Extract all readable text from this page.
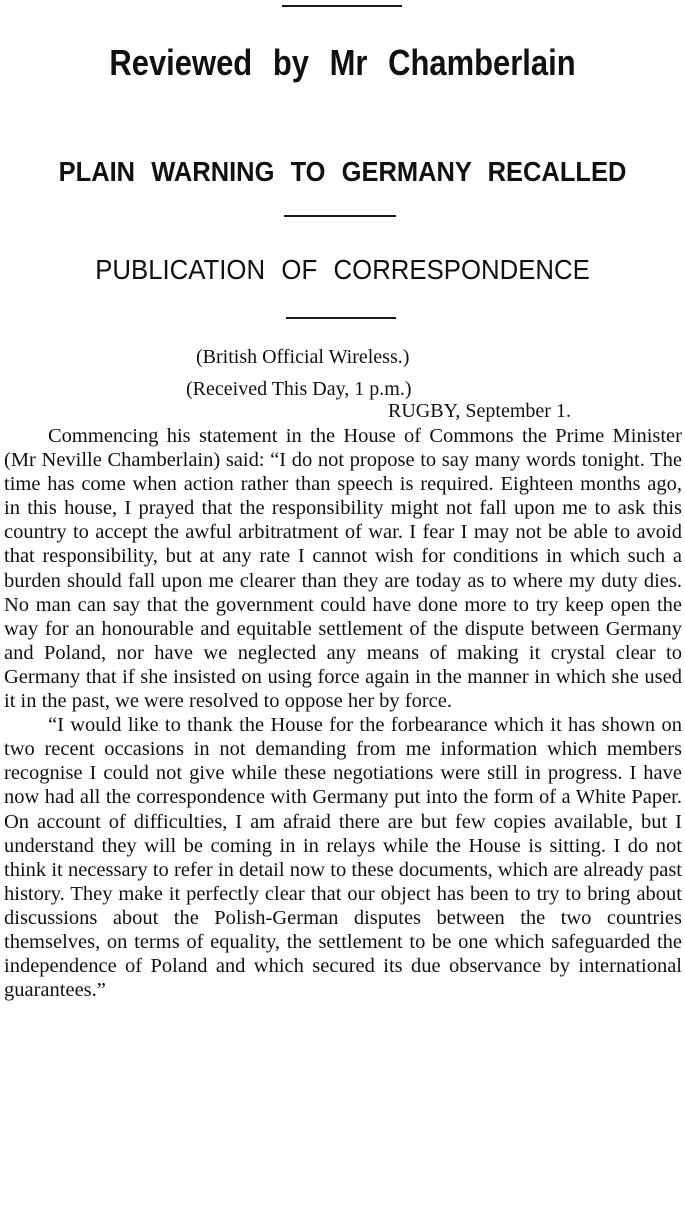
Reviewed by Mr Chamberlain
PLAIN WARNING TO GERMANY RECALLED
PUBLICATION OF CORRESPONDENCE
(British Official Wireless.)
(Received This Day, 1 p.m.)
RUGBY, September 1.

Commencing his statement in the House of Commons the Prime Minister (Mr Neville Chamberlain) said: “I do not propose to say many words tonight. The time has come when action rather than speech is required. Eighteen months ago, in this house, I prayed that the responsibility might not fall upon me to ask this country to accept the awful arbitratment of war. I fear I may not be able to avoid that responsibility, but at any rate I cannot wish for conditions in which such a burden should fall upon me clearer than they are today as to where my duty dies. No man can say that the government could have done more to try keep open the way for an honourable and equitable settlement of the dispute between Germany and Poland, nor have we neglected any means of making it crystal clear to Germany that if she insisted on using force again in the manner in which she used it in the past, we were resolved to oppose her by force.

“I would like to thank the House for the forbearance which it has shown on two recent occasions in not demanding from me information which members recognise I could not give while these negotiations were still in progress. I have now had all the correspondence with Germany put into the form of a White Paper. On account of difficulties, I am afraid there are but few copies available, but I understand they will be coming in in relays while the House is sitting. I do not think it necessary to refer in detail now to these documents, which are already past history. They make it perfectly clear that our object has been to try to bring about discussions about the Polish-German disputes between the two countries themselves, on terms of equality, the settlement to be one which safeguarded the independence of Poland and which secured its due observance by international guarantees.”
